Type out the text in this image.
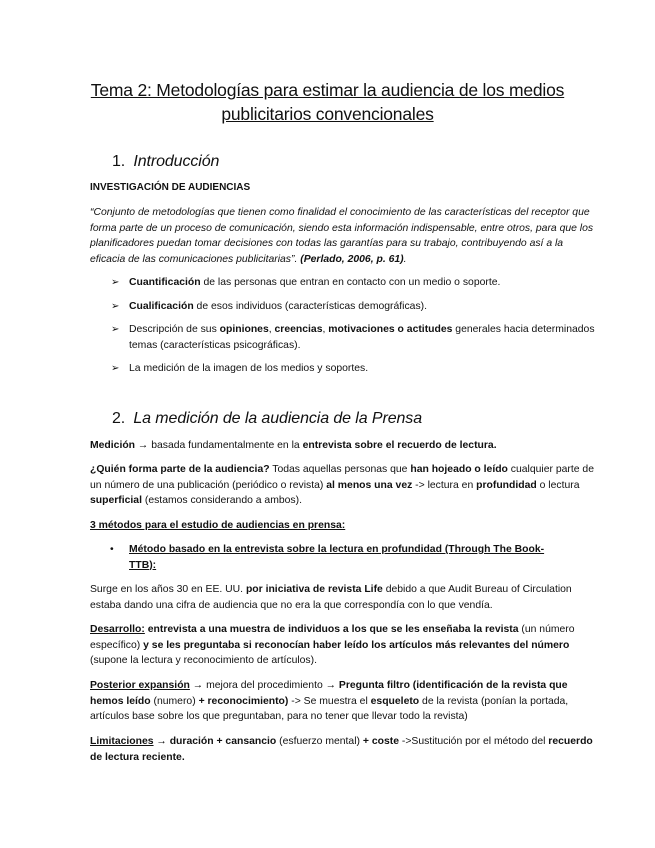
Tema 2: Metodologías para estimar la audiencia de los medios
publicitarios convencionales
1. Introducción
INVESTIGACIÓN DE AUDIENCIAS
“Conjunto de metodologías que tienen como finalidad el conocimiento de las características del receptor que forma parte de un proceso de comunicación, siendo esta información indispensable, entre otros, para que los planificadores puedan tomar decisiones con todas las garantías para su trabajo, contribuyendo así a la eficacia de las comunicaciones publicitarias”. (Perlado, 2006, p. 61).
➢ Cuantificación de las personas que entran en contacto con un medio o soporte.
➢ Cualificación de esos individuos (características demográficas).
➢ Descripción de sus opiniones, creencias, motivaciones o actitudes generales hacia determinados temas (características psicográficas).
➢ La medición de la imagen de los medios y soportes.
2. La medición de la audiencia de la Prensa
Medición → basada fundamentalmente en la entrevista sobre el recuerdo de lectura.
¿Quién forma parte de la audiencia? Todas aquellas personas que han hojeado o leído cualquier parte de un número de una publicación (periódico o revista) al menos una vez -> lectura en profundidad o lectura superficial (estamos considerando a ambos).
3 métodos para el estudio de audiencias en prensa:
•	Método basado en la entrevista sobre la lectura en profundidad (Through The Book-TTB):
Surge en los años 30 en EE. UU. por iniciativa de revista Life debido a que Audit Bureau of Circulation estaba dando una cifra de audiencia que no era la que correspondía con lo que vendía.
Desarrollo: entrevista a una muestra de individuos a los que se les enseñaba la revista (un número específico) y se les preguntaba si reconocían haber leído los artículos más relevantes del número (supone la lectura y reconocimiento de artículos).
Posterior expansión → mejora del procedimiento → Pregunta filtro (identificación de la revista que hemos leído (numero) + reconocimiento) -> Se muestra el esqueleto de la revista (ponían la portada, artículos base sobre los que preguntaban, para no tener que llevar todo la revista)
Limitaciones → duración + cansancio (esfuerzo mental) + coste ->Sustitución por el método del recuerdo de lectura reciente.
